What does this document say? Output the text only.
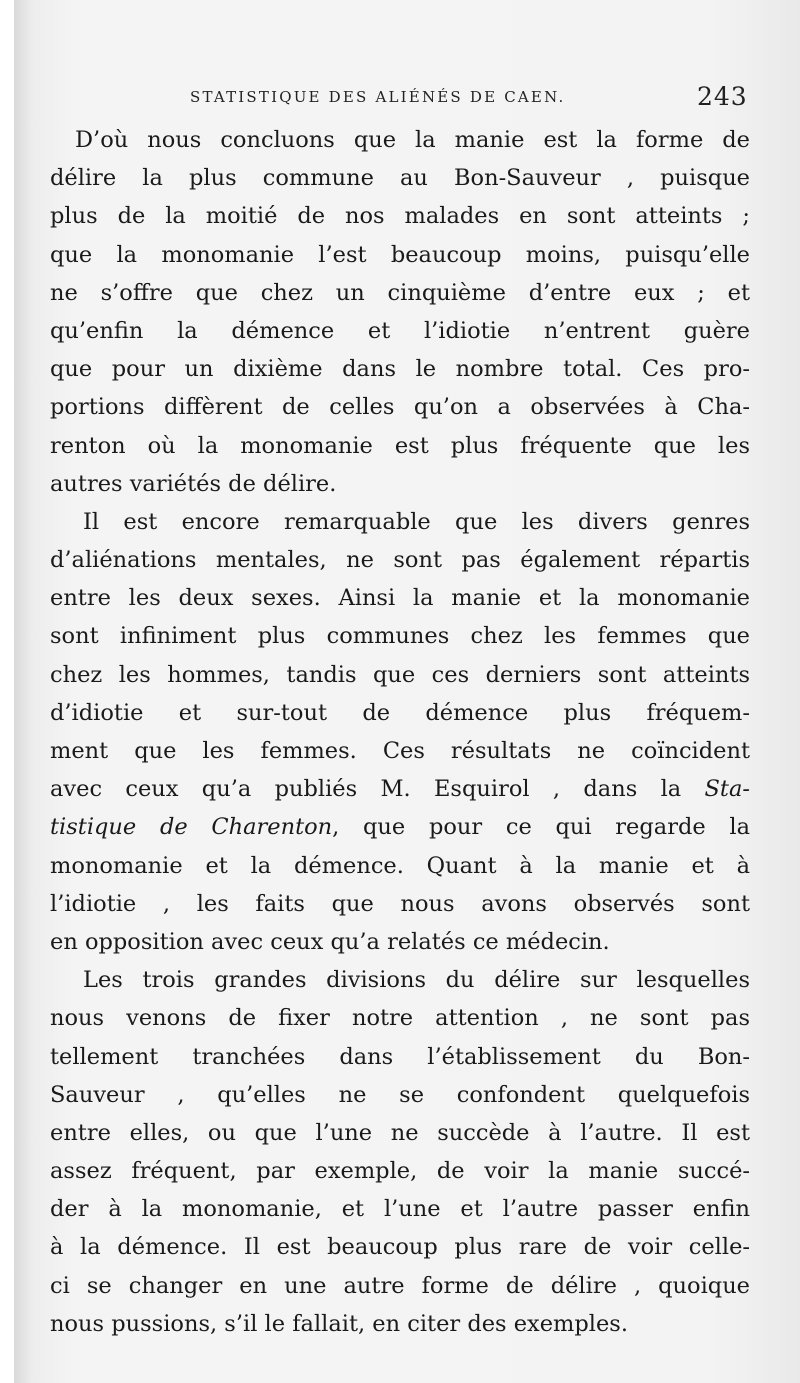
STATISTIQUE DES ALIÉNÉS DE CAEN.	243
D’où nous concluons que la manie est la forme de
délire la plus commune au Bon-Sauveur , puisque
plus de la moitié de nos malades en sont atteints ;
que la monomanie l’est beaucoup moins, puisqu’elle
ne s’offre que chez un cinquième d’entre eux ; et
qu’enfin la démence et l’idiotie n’entrent guère
que pour un dixième dans le nombre total. Ces pro-
portions diffèrent de celles qu’on a observées à Cha-
renton où la monomanie est plus fréquente que les
autres variétés de délire.
Il est encore remarquable que les divers genres
d’aliénations mentales, ne sont pas également répartis
entre les deux sexes. Ainsi la manie et la monomanie
sont infiniment plus communes chez les femmes que
chez les hommes, tandis que ces derniers sont atteints
d’idiotie et sur-tout de démence plus fréquem-
ment que les femmes. Ces résultats ne coïncident
avec ceux qu’a publiés M. Esquirol , dans la Sta-
tistique de Charenton, que pour ce qui regarde la
monomanie et la démence. Quant à la manie et à
l’idiotie , les faits que nous avons observés sont
en opposition avec ceux qu’a relatés ce médecin.
Les trois grandes divisions du délire sur lesquelles
nous venons de fixer notre attention , ne sont pas
tellement tranchées dans l’établissement du Bon-
Sauveur , qu’elles ne se confondent quelquefois
entre elles, ou que l’une ne succède à l’autre. Il est
assez fréquent, par exemple, de voir la manie succé-
der à la monomanie, et l’une et l’autre passer enfin
à la démence. Il est beaucoup plus rare de voir celle-
ci se changer en une autre forme de délire , quoique
nous pussions, s’il le fallait, en citer des exemples.
